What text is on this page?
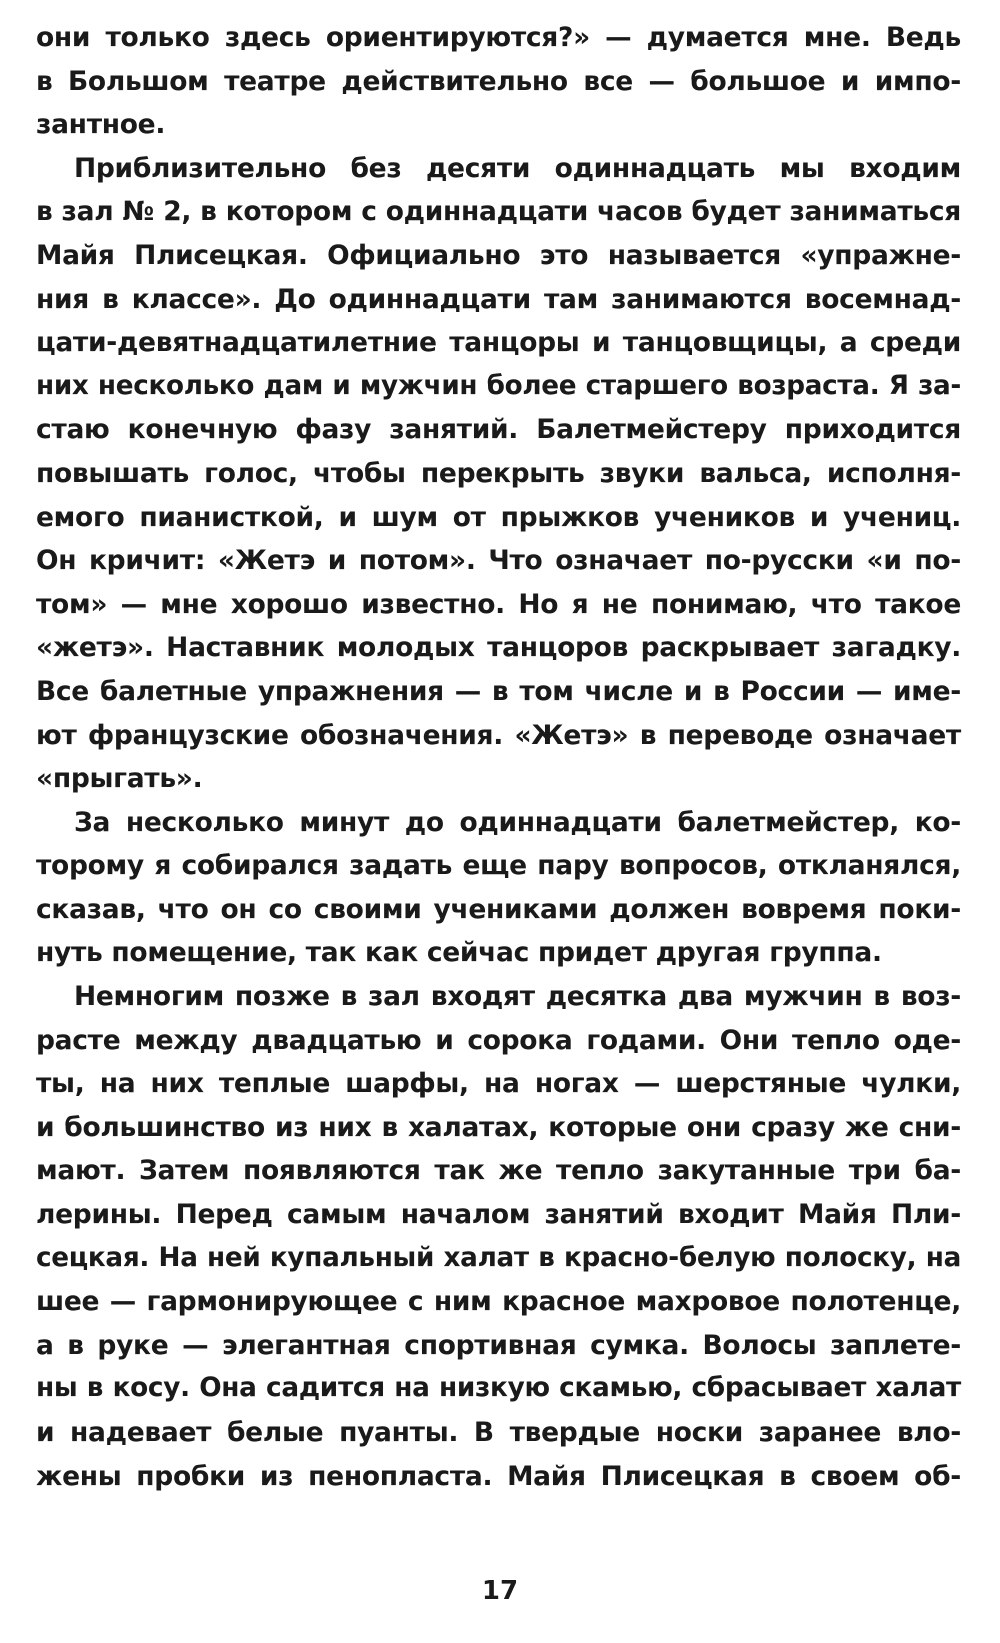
они только здесь ориентируются?» — думается мне. Ведь
в Большом театре действительно все — большое и импо-
зантное.
Приблизительно без десяти одиннадцать мы входим
в зал № 2, в котором с одиннадцати часов будет заниматься
Майя Плисецкая. Официально это называется «упражне-
ния в классе». До одиннадцати там занимаются восемнад-
цати-девятнадцатилетние танцоры и танцовщицы, а среди
них несколько дам и мужчин более старшего возраста. Я за-
стаю конечную фазу занятий. Балетмейстеру приходится
повышать голос, чтобы перекрыть звуки вальса, исполня-
емого пианисткой, и шум от прыжков учеников и учениц.
Он кричит: «Жетэ и потом». Что означает по-русски «и по-
том» — мне хорошо известно. Но я не понимаю, что такое
«жетэ». Наставник молодых танцоров раскрывает загадку.
Все балетные упражнения — в том числе и в России — име-
ют французские обозначения. «Жетэ» в переводе означает
«прыгать».
За несколько минут до одиннадцати балетмейстер, ко-
торому я собирался задать еще пару вопросов, откланялся,
сказав, что он со своими учениками должен вовремя поки-
нуть помещение, так как сейчас придет другая группа.
Немногим позже в зал входят десятка два мужчин в воз-
расте между двадцатью и сорока годами. Они тепло оде-
ты, на них теплые шарфы, на ногах — шерстяные чулки,
и большинство из них в халатах, которые они сразу же сни-
мают. Затем появляются так же тепло закутанные три ба-
лерины. Перед самым началом занятий входит Майя Пли-
сецкая. На ней купальный халат в красно-белую полоску, на
шее — гармонирующее с ним красное махровое полотенце,
а в руке — элегантная спортивная сумка. Волосы заплете-
ны в косу. Она садится на низкую скамью, сбрасывает халат
и надевает белые пуанты. В твердые носки заранее вло-
жены пробки из пенопласта. Майя Плисецкая в своем об-
17
